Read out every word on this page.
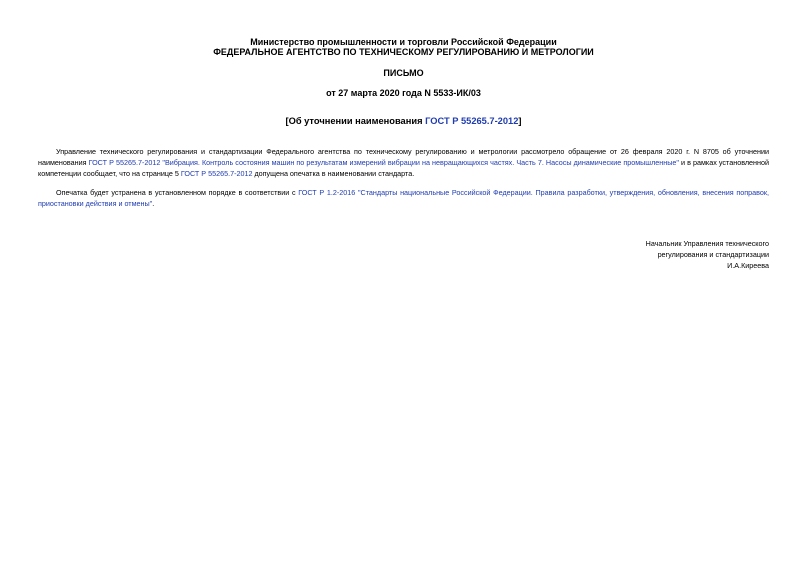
Министерство промышленности и торговли Российской Федерации
ФЕДЕРАЛЬНОЕ АГЕНТСТВО ПО ТЕХНИЧЕСКОМУ РЕГУЛИРОВАНИЮ И МЕТРОЛОГИИ
ПИСЬМО
от 27 марта 2020 года N 5533-ИК/03
[Об уточнении наименования ГОСТ Р 55265.7-2012]
Управление технического регулирования и стандартизации Федерального агентства по техническому регулированию и метрологии рассмотрело обращение от 26 февраля 2020 г. N 8705 об уточнении наименования ГОСТ Р 55265.7-2012 "Вибрация. Контроль состояния машин по результатам измерений вибрации на невращающихся частях. Часть 7. Насосы динамические промышленные" и в рамках установленной компетенции сообщает, что на странице 5 ГОСТ Р 55265.7-2012 допущена опечатка в наименовании стандарта.
Опечатка будет устранена в установленном порядке в соответствии с ГОСТ Р 1.2-2016 "Стандарты национальные Российской Федерации. Правила разработки, утверждения, обновления, внесения поправок, приостановки действия и отмены".
Начальник Управления технического
регулирования и стандартизации
И.А.Киреева
